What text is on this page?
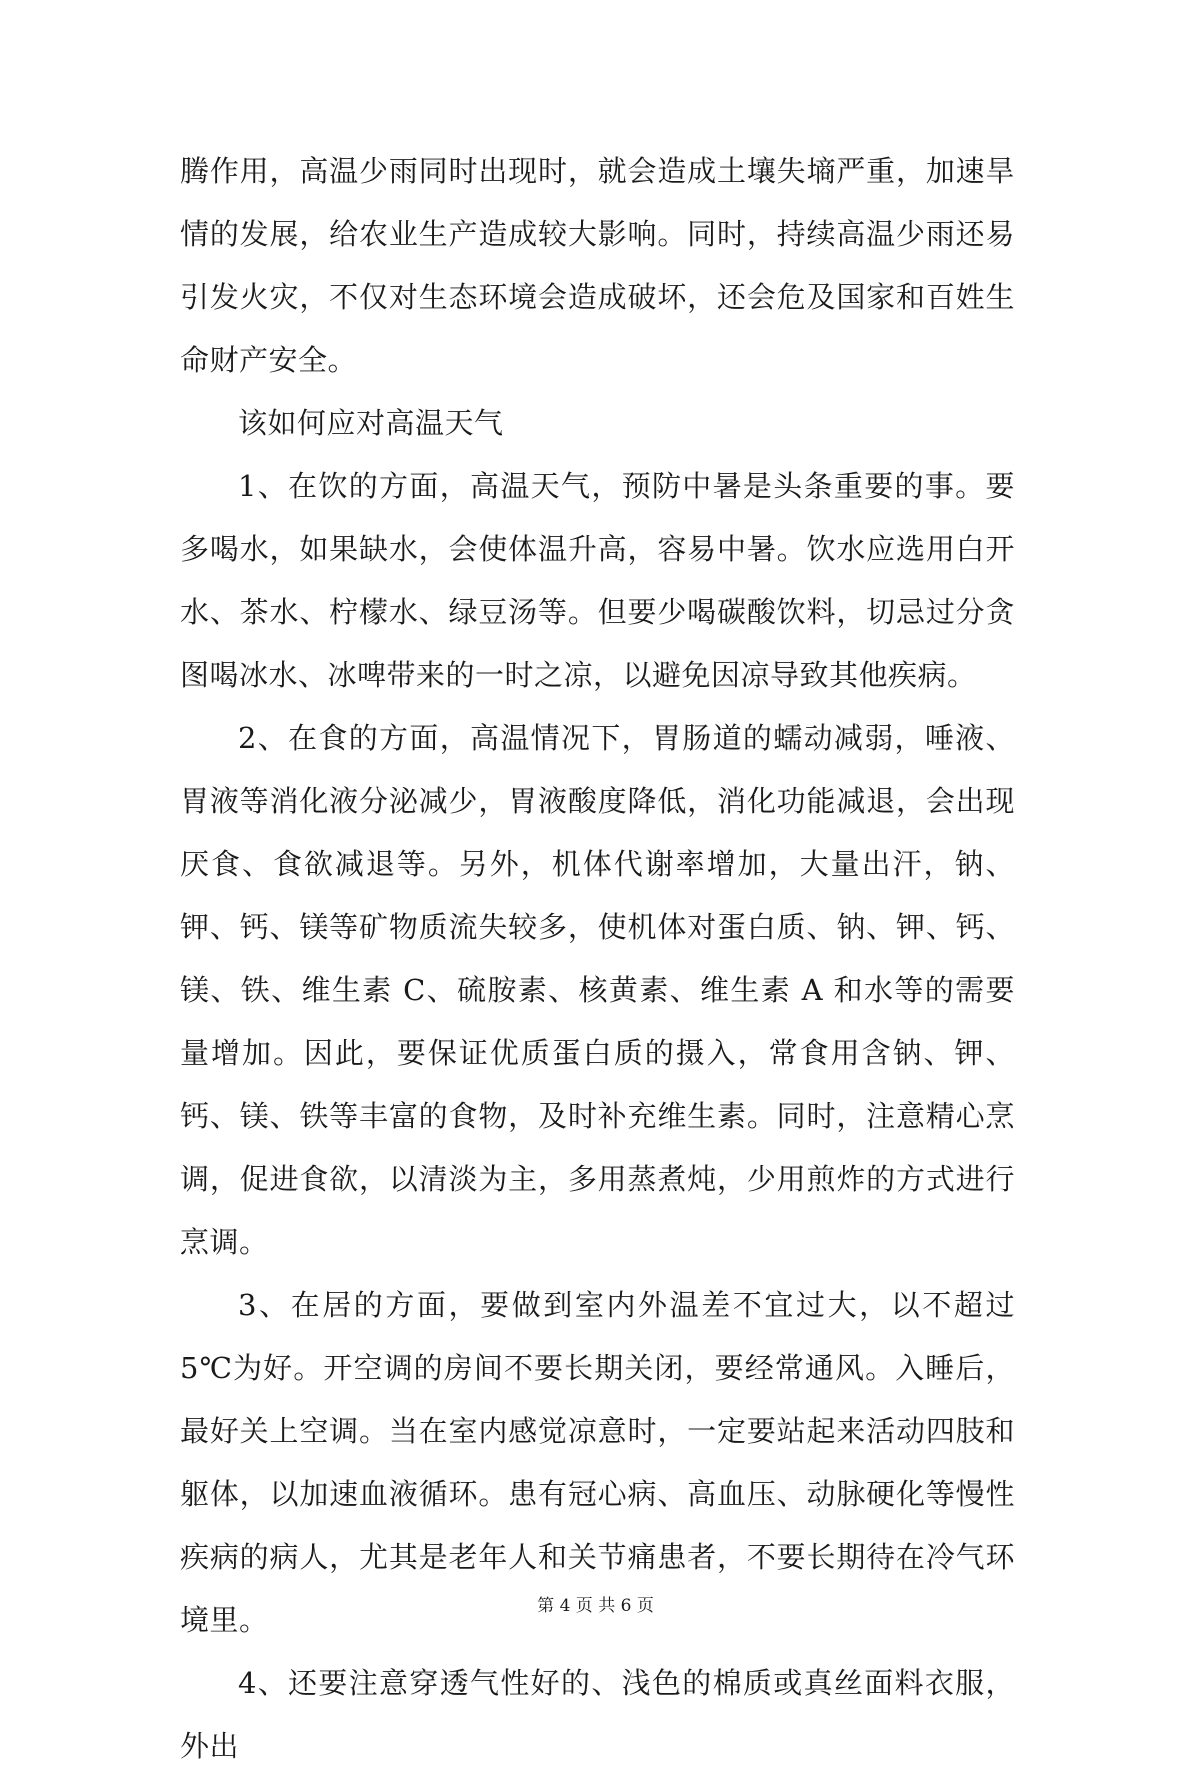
腾作用，高温少雨同时出现时，就会造成土壤失墒严重，加速旱情的发展，给农业生产造成较大影响。同时，持续高温少雨还易引发火灾，不仅对生态环境会造成破坏，还会危及国家和百姓生命财产安全。

该如何应对高温天气

1、在饮的方面，高温天气，预防中暑是头条重要的事。要多喝水，如果缺水，会使体温升高，容易中暑。饮水应选用白开水、茶水、柠檬水、绿豆汤等。但要少喝碳酸饮料，切忌过分贪图喝冰水、冰啤带来的一时之凉，以避免因凉导致其他疾病。

2、在食的方面，高温情况下，胃肠道的蠕动减弱，唾液、胃液等消化液分泌减少，胃液酸度降低，消化功能减退，会出现厌食、食欲减退等。另外，机体代谢率增加，大量出汗，钠、钾、钙、镁等矿物质流失较多，使机体对蛋白质、钠、钾、钙、镁、铁、维生素 C、硫胺素、核黄素、维生素 A 和水等的需要量增加。因此，要保证优质蛋白质的摄入，常食用含钠、钾、钙、镁、铁等丰富的食物，及时补充维生素。同时，注意精心烹调，促进食欲，以清淡为主，多用蒸煮炖，少用煎炸的方式进行烹调。

3、在居的方面，要做到室内外温差不宜过大，以不超过 5℃为好。开空调的房间不要长期关闭，要经常通风。入睡后，最好关上空调。当在室内感觉凉意时，一定要站起来活动四肢和躯体，以加速血液循环。患有冠心病、高血压、动脉硬化等慢性疾病的病人，尤其是老年人和关节痛患者，不要长期待在冷气环境里。

4、还要注意穿透气性好的、浅色的棉质或真丝面料衣服，外出

第 4 页 共 6 页
